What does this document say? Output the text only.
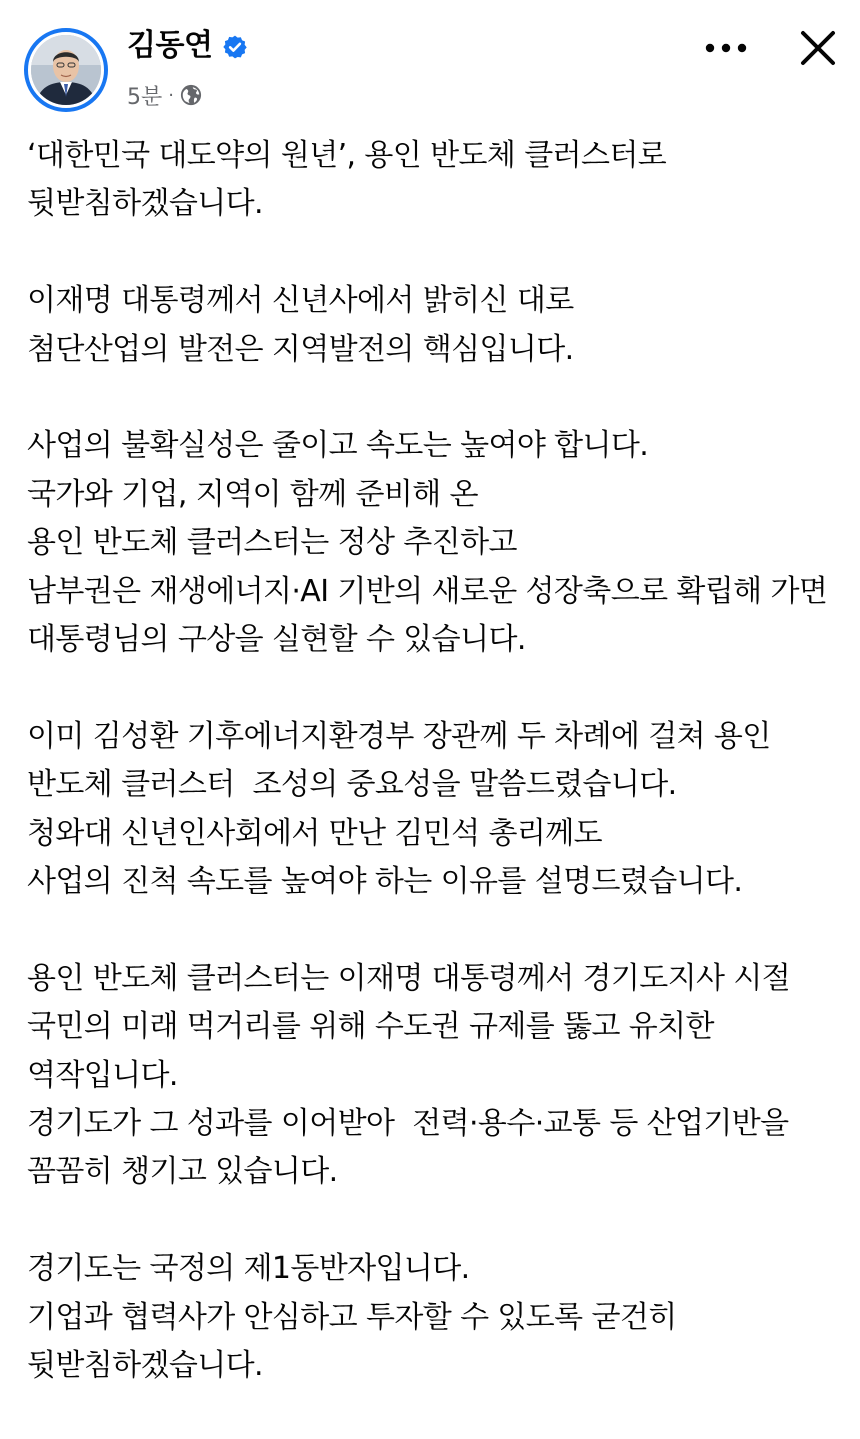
김동연
5분 ·

‘대한민국 대도약의 원년’, 용인 반도체 클러스터로
뒷받침하겠습니다.

이재명 대통령께서 신년사에서 밝히신 대로
첨단산업의 발전은 지역발전의 핵심입니다.

사업의 불확실성은 줄이고 속도는 높여야 합니다.
국가와 기업, 지역이 함께 준비해 온
용인 반도체 클러스터는 정상 추진하고
남부권은 재생에너지·AI 기반의 새로운 성장축으로 확립해 가면
대통령님의 구상을 실현할 수 있습니다.

이미 김성환 기후에너지환경부 장관께 두 차례에 걸쳐 용인
반도체 클러스터  조성의 중요성을 말씀드렸습니다.
청와대 신년인사회에서 만난 김민석 총리께도
사업의 진척 속도를 높여야 하는 이유를 설명드렸습니다.

용인 반도체 클러스터는 이재명 대통령께서 경기도지사 시절
국민의 미래 먹거리를 위해 수도권 규제를 뚫고 유치한
역작입니다.
경기도가 그 성과를 이어받아  전력·용수·교통 등 산업기반을
꼼꼼히 챙기고 있습니다.

경기도는 국정의 제1동반자입니다.
기업과 협력사가 안심하고 투자할 수 있도록 굳건히
뒷받침하겠습니다.
